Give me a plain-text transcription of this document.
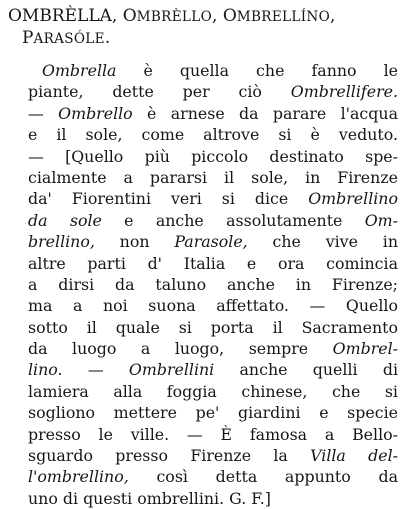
OMBRÈLLA, OMBRÈLLO, OMBRELLÍNO,
PARASÓLE.
Ombrella è quella che fanno le
piante, dette per ciò Ombrellifere.
— Ombrello è arnese da parare l'acqua
e il sole, come altrove si è veduto.
— [Quello più piccolo destinato spe-
cialmente a pararsi il sole, in Firenze
da' Fiorentini veri si dice Ombrellino
da sole e anche assolutamente Om-
brellino, non Parasole, che vive in
altre parti d' Italia e ora comincia
a dirsi da taluno anche in Firenze;
ma a noi suona affettato. — Quello
sotto il quale si porta il Sacramento
da luogo a luogo, sempre Ombrel-
lino. — Ombrellini anche quelli di
lamiera alla foggia chinese, che si
sogliono mettere pe' giardini e specie
presso le ville. — È famosa a Bello-
sguardo presso Firenze la Villa del-
l'ombrellino, così detta appunto da
uno di questi ombrellini. G. F.]
